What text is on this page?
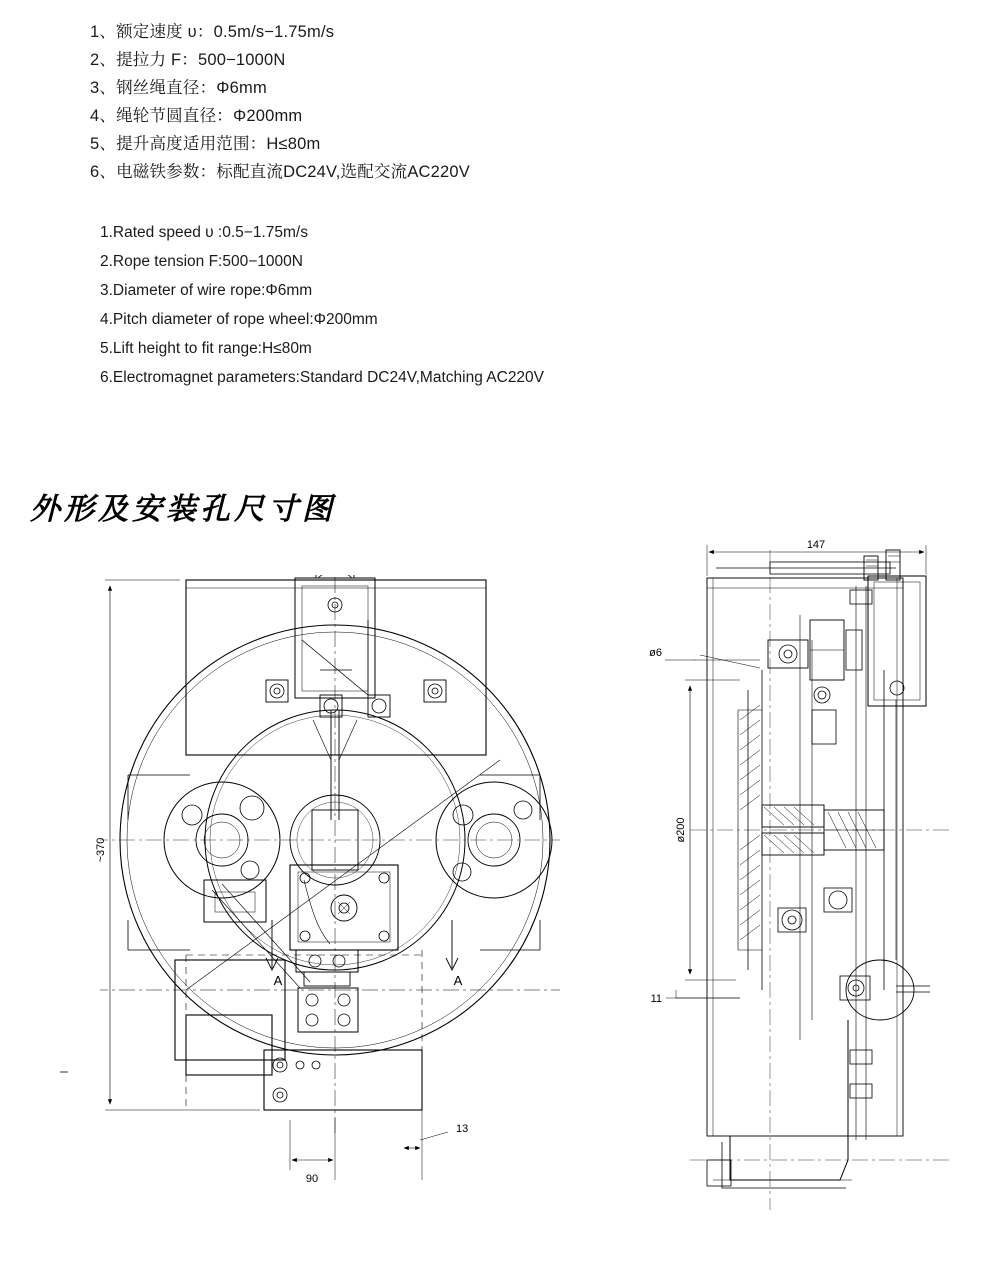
1、额定速度 υ：0.5m/s−1.75m/s
2、提拉力 F：500−1000N
3、钢丝绳直径：Φ6mm
4、绳轮节圆直径：Φ200mm
5、提升高度适用范围：H≤80m
6、电磁铁参数：标配直流DC24V,选配交流AC220V
1.Rated speed υ :0.5−1.75m/s
2.Rope tension F:500−1000N
3.Diameter of wire rope:Φ6mm
4.Pitch diameter of rope wheel:Φ200mm
5.Lift height to fit range:H≤80m
6.Electromagnet parameters:Standard DC24V,Matching AC220V
外形及安装孔尺寸图
~370
90
13
A	A
147
ø6
ø200
11
